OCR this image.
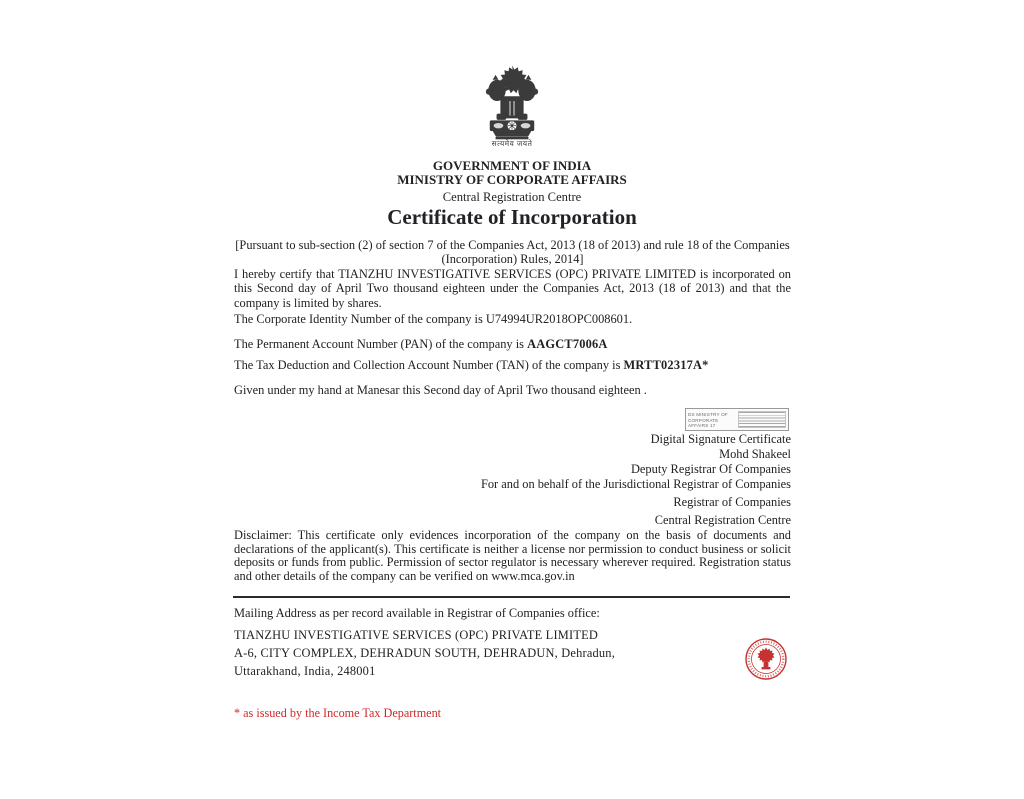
सत्यमेव जयते
GOVERNMENT OF INDIA
MINISTRY OF CORPORATE AFFAIRS
Central Registration Centre
Certificate of Incorporation
[Pursuant to sub-section (2) of section 7 of the Companies Act, 2013 (18 of 2013) and rule 18 of the Companies (Incorporation) Rules, 2014]
I hereby certify that TIANZHU INVESTIGATIVE SERVICES (OPC) PRIVATE LIMITED is incorporated on this Second day of April Two thousand eighteen under the Companies Act, 2013 (18 of 2013) and that the company is limited by shares.
The Corporate Identity Number of the company is U74994UR2018OPC008601.
The Permanent Account Number (PAN) of the company is AAGCT7006A
The Tax Deduction and Collection Account Number (TAN) of the company is MRTT02317A*
Given under my hand at Manesar this Second day of April Two thousand eighteen .
DS MINISTRY OF
CORPORATE AFFAIRS 17
Digital Signature Certificate
Mohd Shakeel
Deputy Registrar Of Companies
For and on behalf of the Jurisdictional Registrar of Companies
Registrar of Companies
Central Registration Centre
Disclaimer: This certificate only evidences incorporation of the company on the basis of documents and declarations of the applicant(s). This certificate is neither a license nor permission to conduct business or solicit deposits or funds from public. Permission of sector regulator is necessary wherever required. Registration status and other details of the company can be verified on www.mca.gov.in
Mailing Address as per record available in Registrar of Companies office:
TIANZHU INVESTIGATIVE SERVICES (OPC) PRIVATE LIMITED
A-6, CITY COMPLEX, DEHRADUN SOUTH, DEHRADUN, Dehradun,
Uttarakhand, India, 248001
* as issued by the Income Tax Department
